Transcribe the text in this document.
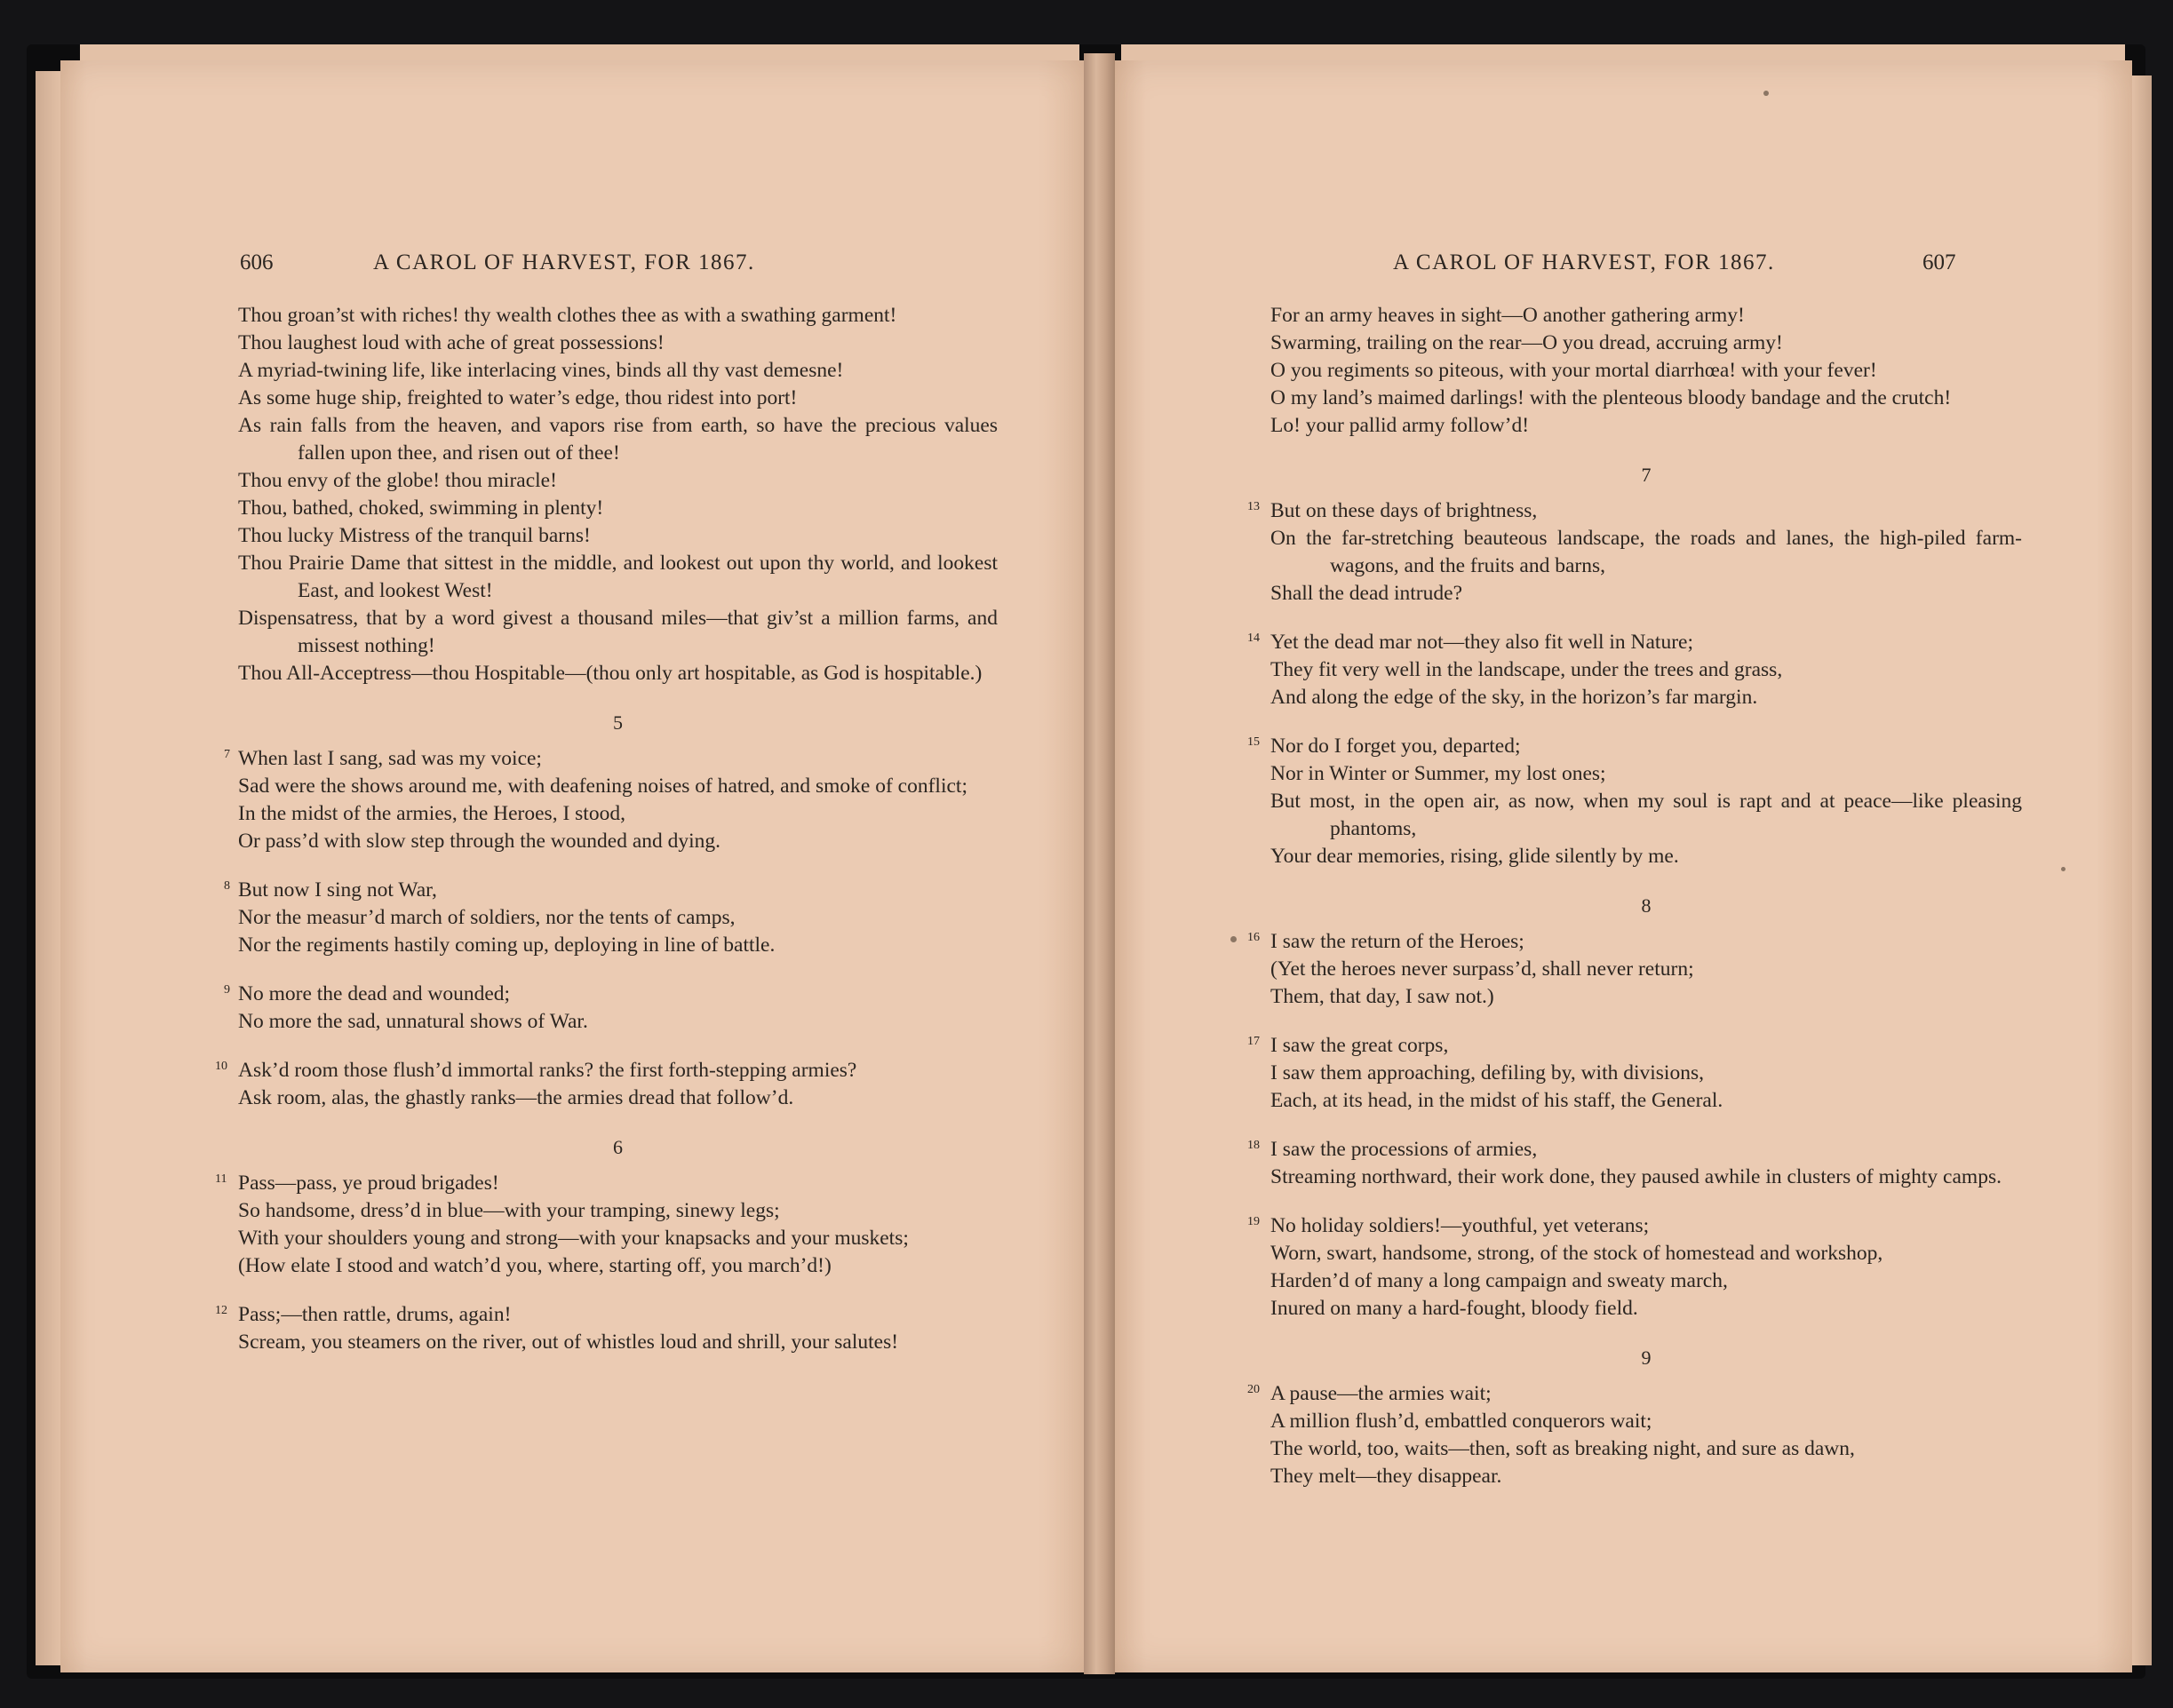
606	A CAROL OF HARVEST, FOR 1867.

Thou groan’st with riches! thy wealth clothes thee as with a swathing garment!

Thou laughest loud with ache of great possessions!

A myriad-twining life, like interlacing vines, binds all thy vast demesne!

As some huge ship, freighted to water’s edge, thou ridest into port!

As rain falls from the heaven, and vapors rise from earth, so have the precious values fallen upon thee, and risen out of thee!

Thou envy of the globe! thou miracle!

Thou, bathed, choked, swimming in plenty!

Thou lucky Mistress of the tranquil barns!

Thou Prairie Dame that sittest in the middle, and lookest out upon thy world, and lookest East, and lookest West!

Dispensatress, that by a word givest a thousand miles—that giv’st a million farms, and missest nothing!

Thou All-Acceptress—thou Hospitable—(thou only art hospitable, as God is hospitable.)

5
7 When last I sang, sad was my voice;

Sad were the shows around me, with deafening noises of hatred, and smoke of conflict;

In the midst of the armies, the Heroes, I stood,

Or pass’d with slow step through the wounded and dying.

8 But now I sing not War,

Nor the measur’d march of soldiers, nor the tents of camps,

Nor the regiments hastily coming up, deploying in line of battle.

9 No more the dead and wounded;

No more the sad, unnatural shows of War.

10 Ask’d room those flush’d immortal ranks? the first forth-stepping armies?

Ask room, alas, the ghastly ranks—the armies dread that follow’d.

6
11 Pass—pass, ye proud brigades!

So handsome, dress’d in blue—with your tramping, sinewy legs;

With your shoulders young and strong—with your knapsacks and your muskets;

(How elate I stood and watch’d you, where, starting off, you march’d!)

12 Pass;—then rattle, drums, again!

Scream, you steamers on the river, out of whistles loud and shrill, your salutes!

A CAROL OF HARVEST, FOR 1867.	607

For an army heaves in sight—O another gathering army!

Swarming, trailing on the rear—O you dread, accruing army!

O you regiments so piteous, with your mortal diarrhœa! with your fever!

O my land’s maimed darlings! with the plenteous bloody bandage and the crutch!

Lo! your pallid army follow’d!

7
13 But on these days of brightness,

On the far-stretching beauteous landscape, the roads and lanes, the high-piled farm-wagons, and the fruits and barns,

Shall the dead intrude?

14 Yet the dead mar not—they also fit well in Nature;

They fit very well in the landscape, under the trees and grass,

And along the edge of the sky, in the horizon’s far margin.

15 Nor do I forget you, departed;

Nor in Winter or Summer, my lost ones;

But most, in the open air, as now, when my soul is rapt and at peace—like pleasing phantoms,

Your dear memories, rising, glide silently by me.

8
16 I saw the return of the Heroes;

(Yet the heroes never surpass’d, shall never return;

Them, that day, I saw not.)

17 I saw the great corps,

I saw them approaching, defiling by, with divisions,

Each, at its head, in the midst of his staff, the General.

18 I saw the processions of armies,

Streaming northward, their work done, they paused awhile in clusters of mighty camps.

19 No holiday soldiers!—youthful, yet veterans;

Worn, swart, handsome, strong, of the stock of homestead and workshop,

Harden’d of many a long campaign and sweaty march,

Inured on many a hard-fought, bloody field.

9
20 A pause—the armies wait;

A million flush’d, embattled conquerors wait;

The world, too, waits—then, soft as breaking night, and sure as dawn,

They melt—they disappear.
